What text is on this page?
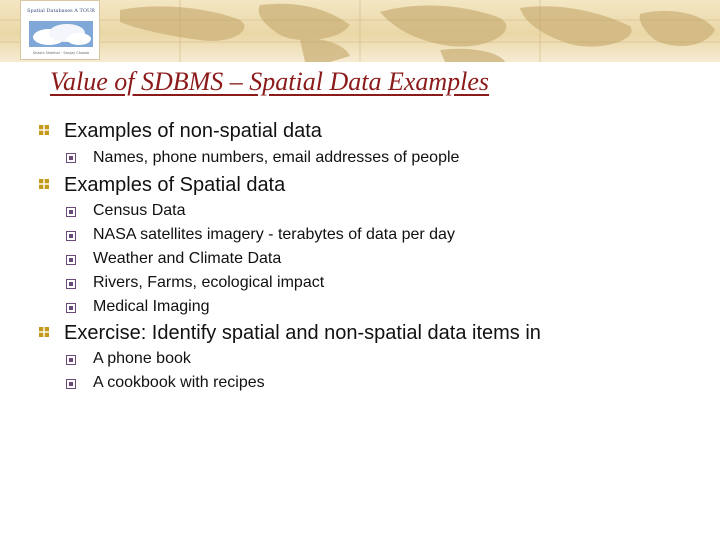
Spatial Databases A TOUR
Shashi Shekhar · Sanjay Chawla
Value of SDBMS – Spatial Data Examples
Examples of non-spatial data
Names, phone numbers, email addresses of people
Examples of Spatial data
Census Data
NASA satellites imagery - terabytes of data per day
Weather and Climate Data
Rivers, Farms, ecological impact
Medical Imaging
Exercise: Identify spatial and non-spatial data items in
A phone book
A cookbook with recipes
